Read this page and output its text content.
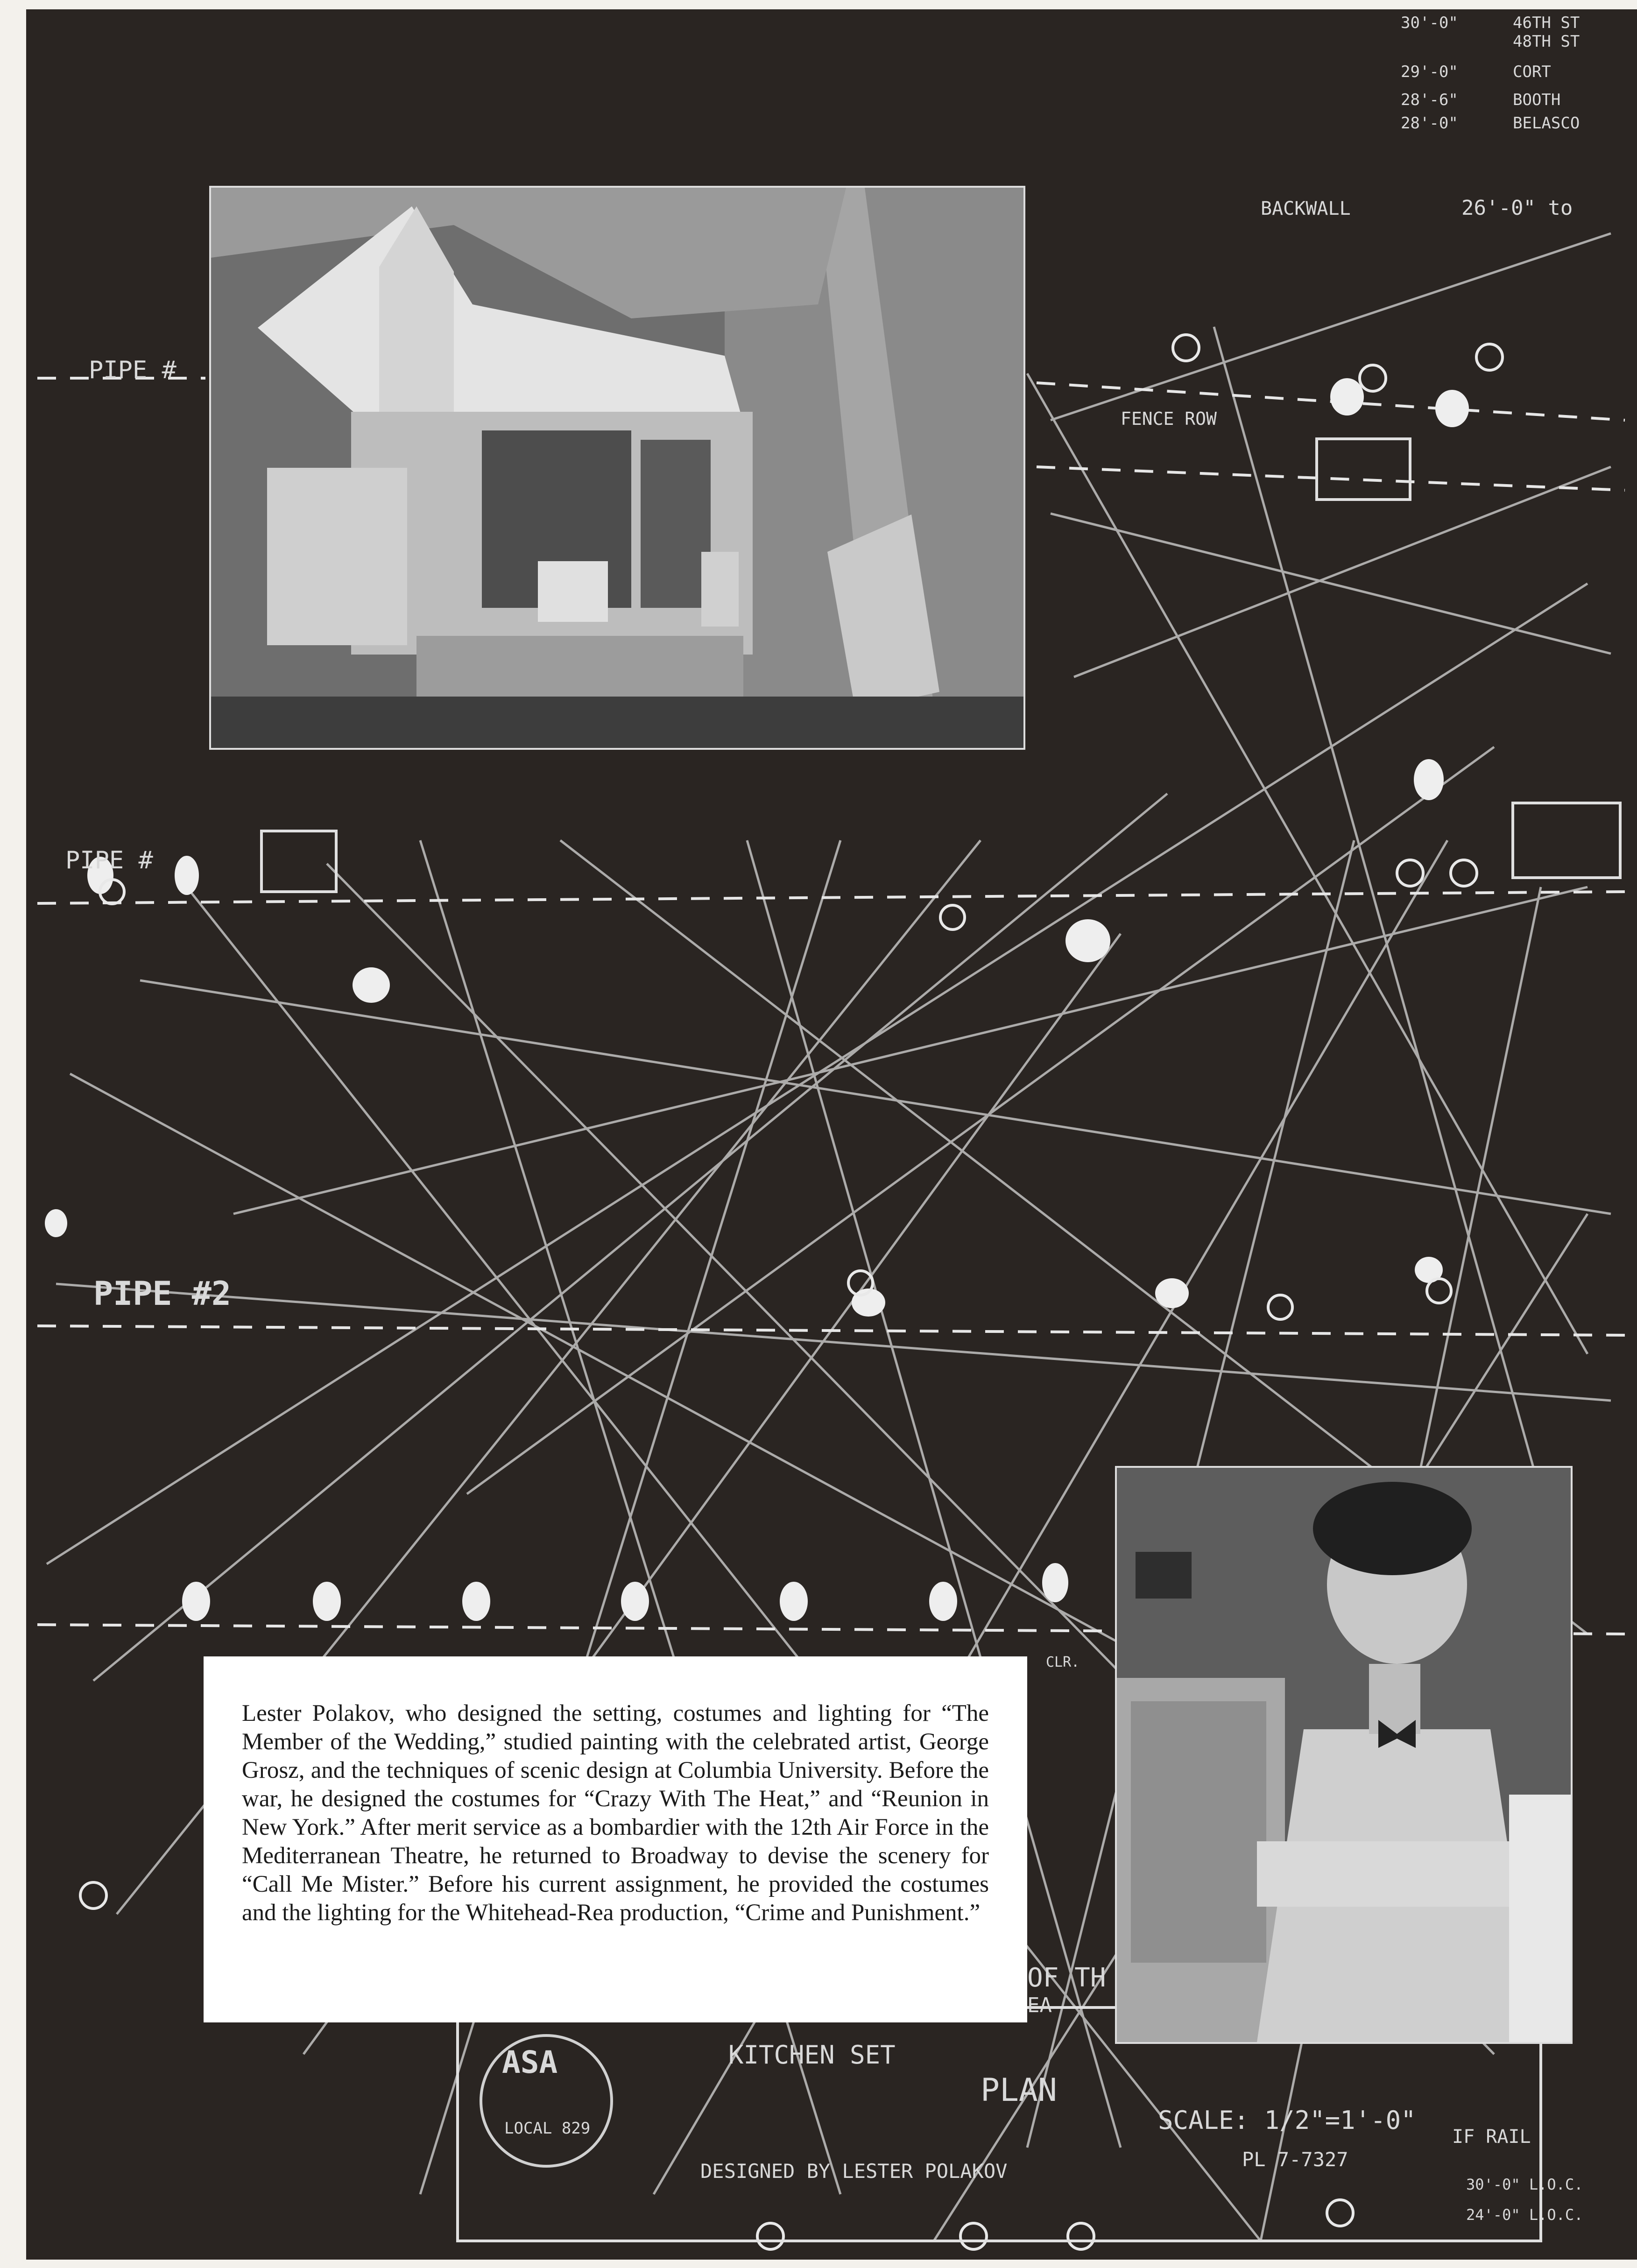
PIPE #
PIPE #
PIPE #2
BACKWALL	26'-0" to
FENCE ROW
KITCHEN SET
PLAN
SCALE: 1/2"=1'-0"
DESIGNED BY LESTER POLAKOV
PL 7-7327
OF TH
EA
IF RAIL
30'-0" L.O.C.
24'-0" L.O.C.
ASA
LOCAL 829
30'-0"	46TH ST
48TH ST
29'-0"	CORT
28'-6"	BOOTH
28'-0"	BELASCO
CLR.

Lester Polakov, who designed the setting, costumes and lighting for “The Member of the Wedding,” studied painting with the celebrated artist, George Grosz, and the techniques of scenic design at Columbia University. Before the war, he designed the costumes for “Crazy With The Heat,” and “Reunion in New York.” After merit service as a bombardier with the 12th Air Force in the Mediterranean Theatre, he returned to Broadway to devise the scenery for “Call Me Mister.” Before his current assignment, he provided the costumes and the lighting for the Whitehead-Rea production, “Crime and Punishment.”
